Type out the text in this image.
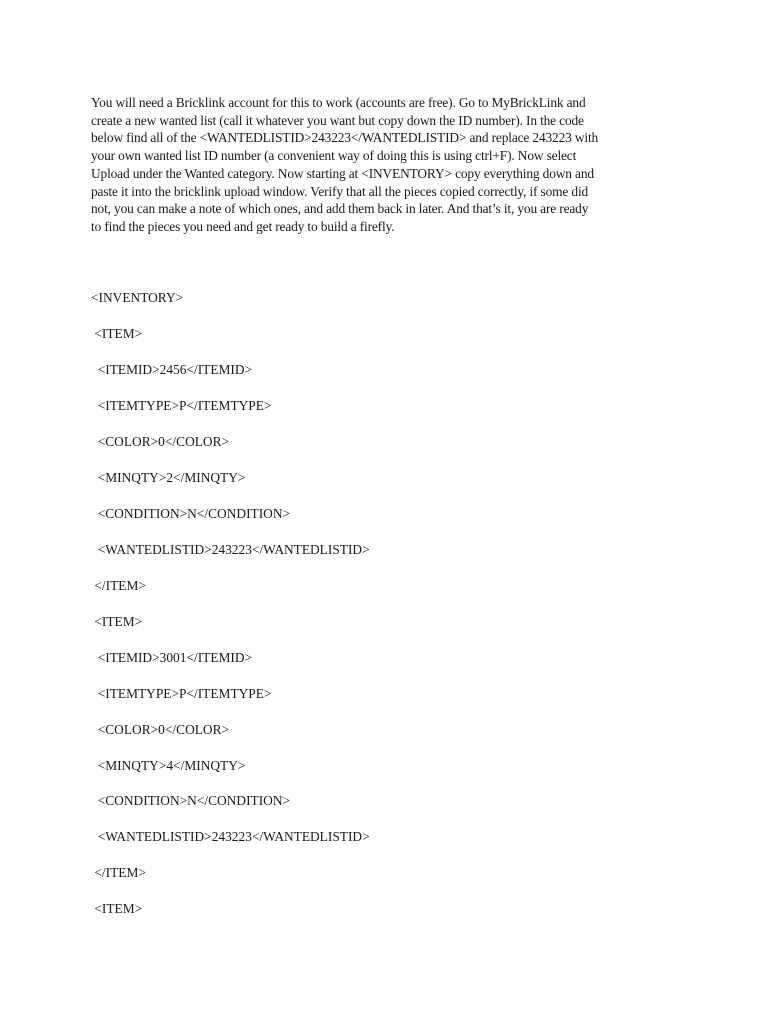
You will need a Bricklink account for this to work (accounts are free). Go to MyBrickLink and
create a new wanted list (call it whatever you want but copy down the ID number). In the code
below find all of the <WANTEDLISTID>243223</WANTEDLISTID> and replace 243223 with
your own wanted list ID number (a convenient way of doing this is using ctrl+F). Now select
Upload under the Wanted category. Now starting at <INVENTORY> copy everything down and
paste it into the bricklink upload window. Verify that all the pieces copied correctly, if some did
not, you can make a note of which ones, and add them back in later. And that’s it, you are ready
to find the pieces you need and get ready to build a firefly.

<INVENTORY>

<ITEM>

<ITEMID>2456</ITEMID>

<ITEMTYPE>P</ITEMTYPE>

<COLOR>0</COLOR>

<MINQTY>2</MINQTY>

<CONDITION>N</CONDITION>

<WANTEDLISTID>243223</WANTEDLISTID>

</ITEM>

<ITEM>

<ITEMID>3001</ITEMID>

<ITEMTYPE>P</ITEMTYPE>

<COLOR>0</COLOR>

<MINQTY>4</MINQTY>

<CONDITION>N</CONDITION>

<WANTEDLISTID>243223</WANTEDLISTID>

</ITEM>

<ITEM>
